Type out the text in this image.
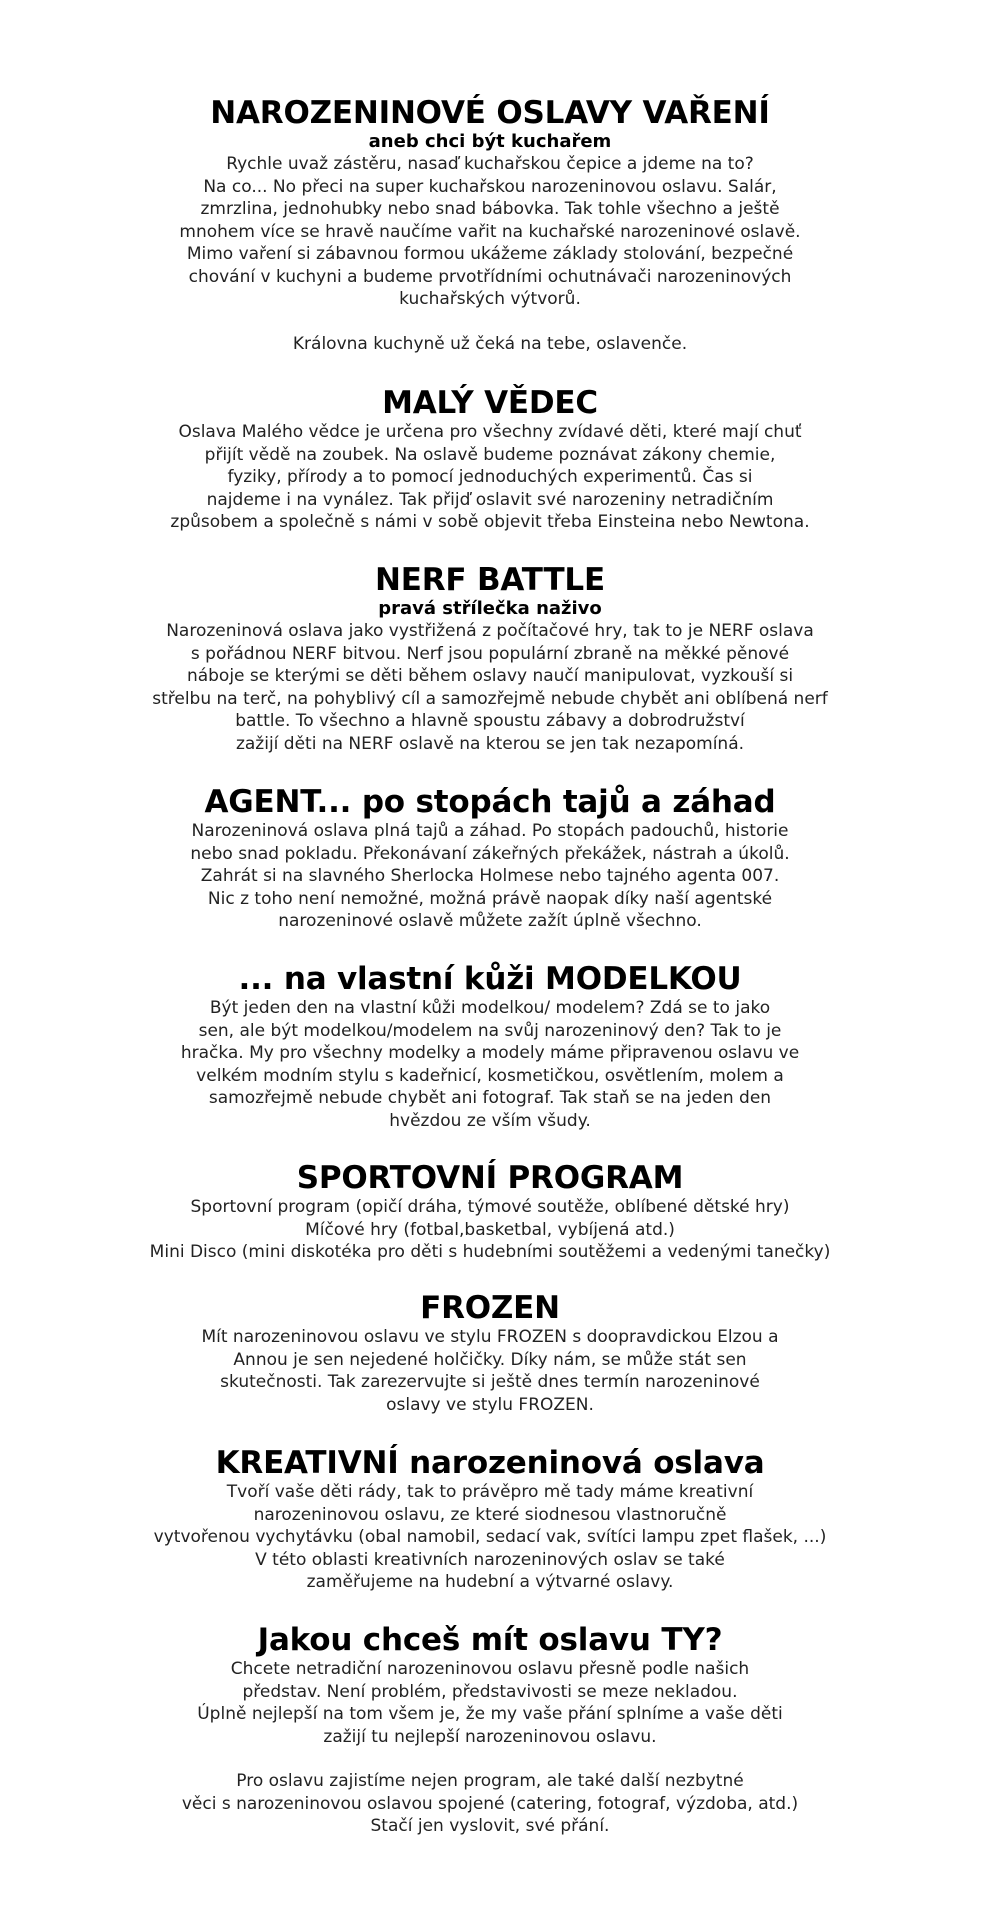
NAROZENINOVÉ OSLAVY VAŘENÍ

aneb chci být kuchařem

Rychle uvaž zástěru, nasaď kuchařskou čepice a jdeme na to?

Na co... No přeci na super kuchařskou narozeninovou oslavu. Salár,

zmrzlina, jednohubky nebo snad bábovka. Tak tohle všechno a ještě

mnohem více se hravě naučíme vařit na kuchařské narozeninové oslavě.

Mimo vaření si zábavnou formou ukážeme základy stolování, bezpečné

chování v kuchyni a budeme prvotřídními ochutnávači narozeninových

kuchařských výtvorů.

Královna kuchyně už čeká na tebe, oslavenče.

MALÝ VĚDEC

Oslava Malého vědce je určena pro všechny zvídavé děti, které mají chuť

přijít vědě na zoubek. Na oslavě budeme poznávat zákony chemie,

fyziky, přírody a to pomocí jednoduchých experimentů. Čas si

najdeme i na vynález. Tak přijď oslavit své narozeniny netradičním

způsobem a společně s námi v sobě objevit třeba Einsteina nebo Newtona.

NERF BATTLE

pravá střílečka naživo

Narozeninová oslava jako vystřižená z počítačové hry, tak to je NERF oslava

s pořádnou NERF bitvou. Nerf jsou populární zbraně na měkké pěnové

náboje se kterými se děti během oslavy naučí manipulovat, vyzkouší si

střelbu na terč, na pohyblivý cíl a samozřejmě nebude chybět ani oblíbená nerf

battle. To všechno a hlavně spoustu zábavy a dobrodružství

zažijí děti na NERF oslavě na kterou se jen tak nezapomíná.

AGENT... po stopách tajů a záhad

Narozeninová oslava plná tajů a záhad. Po stopách padouchů, historie

nebo snad pokladu. Překonávaní zákeřných překážek, nástrah a úkolů.

Zahrát si na slavného Sherlocka Holmese nebo tajného agenta 007.

Nic z toho není nemožné, možná právě naopak díky naší agentské

narozeninové oslavě můžete zažít úplně všechno.

... na vlastní kůži MODELKOU

Být jeden den na vlastní kůži modelkou/ modelem? Zdá se to jako

sen, ale být modelkou/modelem na svůj narozeninový den? Tak to je

hračka. My pro všechny modelky a modely máme připravenou oslavu ve

velkém modním stylu s kadeřnicí, kosmetičkou, osvětlením, molem a

samozřejmě nebude chybět ani fotograf. Tak staň se na jeden den

hvězdou ze vším všudy.

SPORTOVNÍ PROGRAM

Sportovní program (opičí dráha, týmové soutěže, oblíbené dětské hry)

Míčové hry (fotbal,basketbal, vybíjená atd.)

Mini Disco (mini diskotéka pro děti s hudebními soutěžemi a vedenými tanečky)

FROZEN

Mít narozeninovou oslavu ve stylu FROZEN s doopravdickou Elzou a

Annou je sen nejedené holčičky. Díky nám, se může stát sen

skutečnosti. Tak zarezervujte si ještě dnes termín narozeninové

oslavy ve stylu FROZEN.

KREATIVNÍ narozeninová oslava

Tvoří vaše děti rády, tak to právěpro mě tady máme kreativní

narozeninovou oslavu, ze které siodnesou vlastnoručně

vytvořenou vychytávku (obal namobil, sedací vak, svítíci lampu zpet flašek, ...)

V této oblasti kreativních narozeninových oslav se také

zaměřujeme na hudební a výtvarné oslavy.

Jakou chceš mít oslavu TY?

Chcete netradiční narozeninovou oslavu přesně podle našich

představ. Není problém, představivosti se meze nekladou.

Úplně nejlepší na tom všem je, že my vaše přání splníme a vaše děti

zažijí tu nejlepší narozeninovou oslavu.

Pro oslavu zajistíme nejen program, ale také další nezbytné

věci s narozeninovou oslavou spojené (catering, fotograf, výzdoba, atd.)

Stačí jen vyslovit, své přání.
